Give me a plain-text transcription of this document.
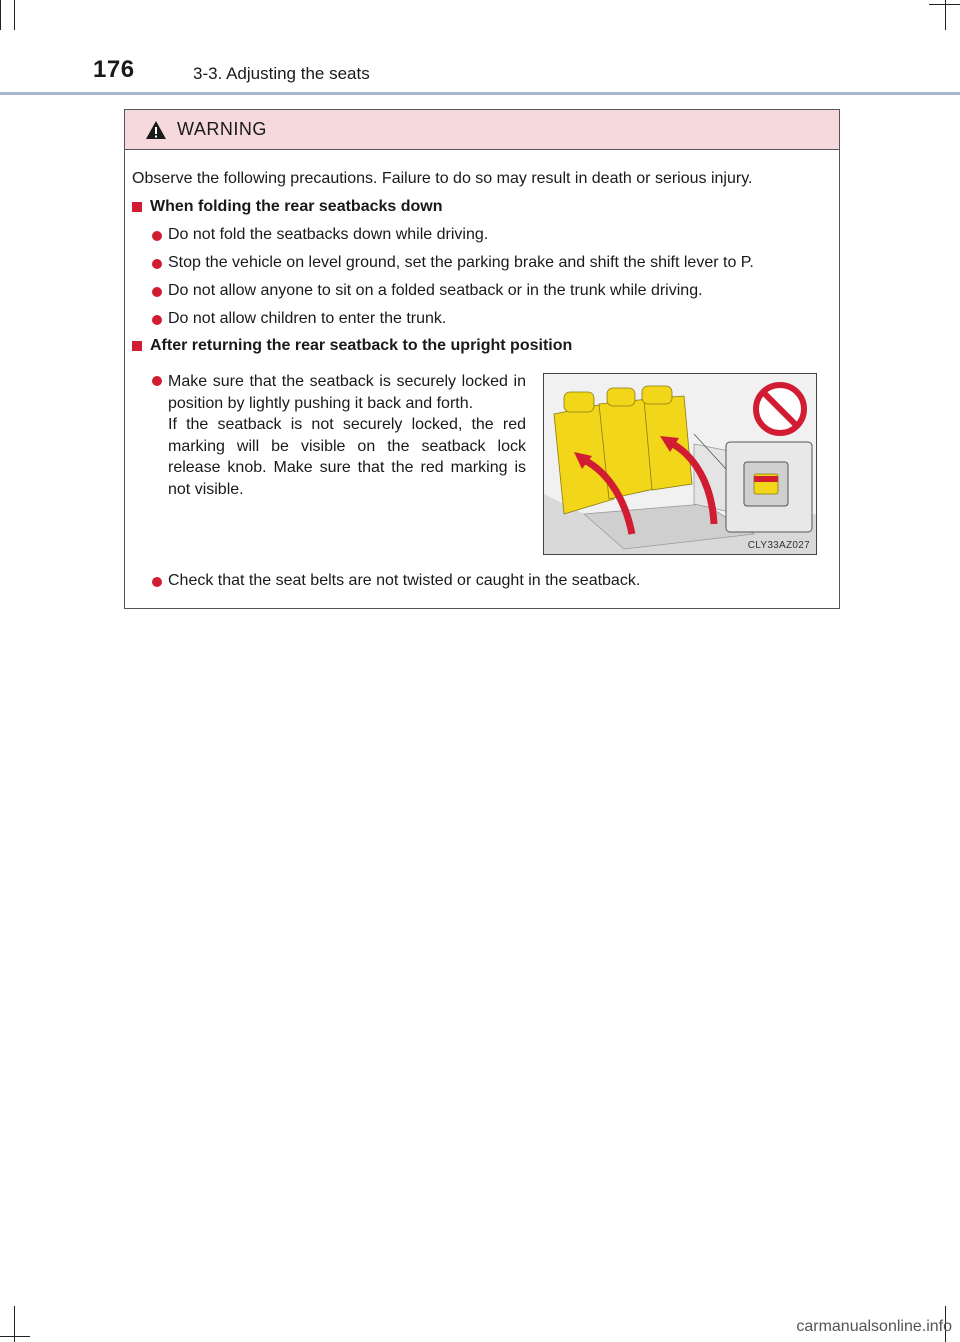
176	3-3. Adjusting the seats
WARNING
Observe the following precautions. Failure to do so may result in death or serious injury.
When folding the rear seatbacks down
Do not fold the seatbacks down while driving.
Stop the vehicle on level ground, set the parking brake and shift the shift lever to P.
Do not allow anyone to sit on a folded seatback or in the trunk while driving.
Do not allow children to enter the trunk.
After returning the rear seatback to the upright position
Make sure that the seatback is securely locked in position by lightly pushing it back and forth.
If the seatback is not securely locked, the red marking will be visible on the seatback lock release knob. Make sure that the red marking is not visible.
CLY33AZ027
Check that the seat belts are not twisted or caught in the seatback.
carmanualsonline.info
